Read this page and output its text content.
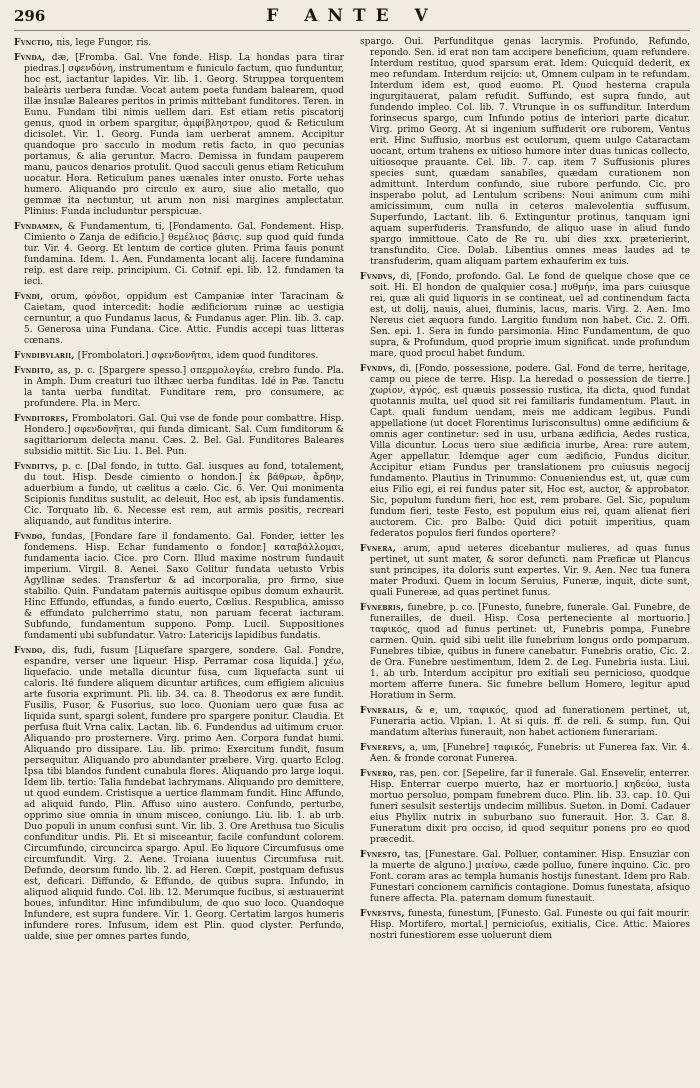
296	F ANTE V

Fvnctio, nis, lege Fungor, ris.

Fvnda, dæ, [Fromba. Gal. Vne fonde. Hisp. La hondas para tirar piedras.] σφενδόνη, instrumentum e funiculo factum, quo funduntur, hoc est, iactantur lapides. Vir. lib. 1. Georg. Struppea torquentem baleàris uerbera fundæ. Vocat autem poeta fundam balearem, quod illæ insulæ Baleares peritos in primis mittebant funditores. Teren. in Eunu. Fundam tibi nimis uellem dari. Est etiam retis piscatorij genus, quod in orbem spargitur, ἀμφίβληστρον, quod & Reticulum dicisolet. Vir. 1. Georg. Funda iam uerberat amnem. Accipitur quandoque pro sacculo in modum retis facto, in quo pecunias portamus, & alia geruntur. Macro. Demissa in fundam pauperem manu, paucos denarios protulit. Quod sacculi genus etiam Reticulum uocatur. Hora. Reticulum panes uænales inter onusto. Forte uehas humero. Aliquando pro circulo ex auro, siue alio metallo, quo gemmæ ita nectuntur, ut arum non nisi margines amplectatur. Plinius: Funda includuntur perspicuæ.

Fvndamen, & Fundamentum, ti, [Fondamento. Gal. Fondement. Hisp. Cimiento o Zanja de edificio.] θεμέλιος βάσις. sup quod quid funda tur. Vir. 4. Georg. Et lentum de cortice gluten. Prima fauis ponunt fundamina. Idem. 1. Aen. Fundamenta locant alij. Iacere fundamina reip. est dare reip. principium. Ci. Cotnif. epi. lib. 12. fundamen ta ieci.

Fvndi, orum, φόνδοι, oppidum est Campaniæ inter Taracinam & Caietam, quod intercedit: hodie ædificiorum ruinæ ac uestigia cernuntur, a quo Fundanus lacus, & Fundanus ager. Plin. lib. 3. cap. 5. Generosa uina Fundana. Cice. Attic. Fundis accepi tuas litteras cœnans.

Fvndibvlarii, [Frombolatori.] σφενδονῆται, idem quod funditores.

Fvndito, as, p. c. [Spargere spesso.] σπερμολογέω, crebro fundo. Pla. in Amph. Dum creaturi tuo ilthæc uerba funditas. Idé in Pæ. Tanctu la tanta uerba funditat. Funditare rem, pro consumere, ac profundere. Pla. in Merc.

Fvnditores, Frombolatori. Gal. Qui vse de fonde pour combattre. Hisp. Hondero.] σφενδονῆται, qui funda dimicant. Sal. Cum funditorum & sagittariorum delecta manu. Cæs. 2. Bel. Gal. Funditores Baleares subsidio mittit. Sic Liu. 1. Bel. Pun.

Fvnditvs, p. c. [Dal fondo, in tutto. Gal. iusques au fond, totalement, du tout. Hisp. Desde cimiento o hondon.] ἐκ βάθρων, ἄρδην, aduerbium a fundo, ut cælitus a cælo. Cic. 6. Ver. Qui monimenta Scipionis funditus sustulit, ac deleuit, Hoc est, ab ipsis fundamentis. Cic. Torquato lib. 6. Necesse est rem, aut armis positis, recreari aliquando, aut funditus interire.

Fvndo, fundas, [Fondare fare il fondamento. Gal. Fonder, ietter les fondemens. Hisp. Echar fundamento o fondor.] καταβάλλομαι, fundamenta iacio. Cice. pro Corn. Illud maxime nostrum fundauit imperium. Virgil. 8. Aenei. Saxo Colitur fundata uetusto Vrbis Agyllinæ sedes. Transfertur & ad incorporalia, pro firmo, siue stabilio. Quin. Fundatam paternis auitisque opibus domum exhaurit. Hinc Effundo, effundas, a fundo euerto, Cœlius. Respublica, amisso & effundato pulcherrimo statu, non paruam fecerat iacturam. Subfundo, fundamentum suppono. Pomp. Lucil. Suppositiones fundamenti ubi subfundatur. Vatro: Latericijs lapidibus fundatis.

Fvndo, dis, fudi, fusum [Liquefare spargere, sondere. Gal. Fondre, espandre, verser une liqueur. Hisp. Perramar cosa liquida.] χέω, liquefacio. unde metalla dicuntur fusa, cum liquefacta sunt ui caloris. Ité fundere aliquem dicuntur artifices, cum effigiem alicuius arte fusoria exprimunt. Pli. lib. 34. ca. 8. Theodorus ex ære fundit. Fusilis, Fusor, & Fusorius, suo loco. Quoniam uero quæ fusa ac liquida sunt, spargi solent, fundere pro spargere ponitur. Claudia. Et perfusa fluit Vrna calix. Lactan. lib. 6. Fundendus ad uitimum cruor. Aliquando pro prosternere. Virg. primo Aen. Corpora fundat humi. Aliquando pro dissipare. Liu. lib. primo: Exercitum fundit, fusum persequitur. Aliquando pro abundanter præbere. Virg. quarto Eclog. Ipsa tibi blandos fundent cunabula flores. Aliquando pro large loqui. Idem lib. tertio: Talia fundebat lachrymans. Aliquando pro demittere, ut quod eundem. Cristisque a uertice flammam fundit. Hinc Affundo, ad aliquid fundo, Plin. Affuso uino austero. Confundo, perturbo, opprimo siue omnia in unum misceo, coniungo. Liu. lib. 1. ab urb. Duo populi in unum confusi sunt. Vir. lib. 3. Ore Arethusa tuo Siculis confunditur undis. Pli. Et si misceantur, facile confundunt colorem. Circumfundo, circuncirca spargo. Apul. Eo liquore Circumfusus ome circumfundit. Virg. 2. Aene. Troiana iuuentus Circumfusa ruit. Defundo, deorsum fundo. lib. 2. ad Heren. Cœpit, postquam defusus est, deficari. Diffundo, & Effundo, de quibus supra. Infundo, in aliquod aliquid fundo. Col. lib. 12. Merumque fucibus, si æstuauerint boues, infunditur. Hinc infundibulum, de quo suo loco. Quandoque Infundere, est supra fundere. Vir. 1. Georg. Certatim largos humeris infundere rores. Infusum, idem est Plin. quod clyster. Perfundo, ualde, siue per omnes partes fundo,

spargo. Oui. Perfunditque genas lacrymis. Profundo, Refundo, repondo. Sen. id erat non tam accipere beneficium, quam refundere. Interdum restituo, quod sparsum erat. Idem: Quicquid dederit, ex meo refundam. Interdum reijcio: ut, Omnem culpam in te refundam. Interdum idem est, quod euomo. Pl. Quod hesterna crapula ingurgitauerat, palam refudit. Suffundo, est supra fundo, aut fundendo impleo. Col. lib. 7. Vtrunque in os suffunditur. Interdum forinsecus spargo, cum Infundo potius de interiori parte dicatur. Virg. primo Georg. At si ingenium suffuderit ore ruborem, Ventus erit. Hinc Suffusio, morbus est oculorum, quem uulgo Cataractam uocant, ortum trahens ex uitioso humore inter duas tunicas collecto, uitiosoque prauante. Cel. lib. 7. cap. item 7 Suffusionis plures species sunt, quædam sanabiles, quædam curationem non admittunt. Interdum confundo, siue rubore perfundo. Cic. pro insperabo polut, ad Lentulum scribens: Noui animum cum mihi amicissimum, cum nulla in ceteros malevolentia suffusum. Superfundo, Lactant. lib. 6. Extinguntur protinus, tanquam igni aquam superfuderis. Transfundo, de aliquo uase in aliud fundo spargo immittoue. Cato de Re ru. ubi dies xxx. præterierint, transfundito. Cice. Dolab. Libentius omnes meas laudes ad te transfuderim, quam aliquam partem exhauferim ex tuis.

Fvndvs, di, [Fondo, profondo. Gal. Le fond de quelque chose que ce soit. Hi. El hondon de qualquier cosa.] πυθμήν, ima pars cuiusque rei, quæ ali quid liquoris in se contineat, uel ad continendum facta est, ut dolij, nauis, aluei, fluminis, lacus, maris. Virg. 2. Aen. Imo Nereus ciet æquora fundo. Largitio fundum non habet. Cic. 2. Offi. Sen. epi. 1. Sera in fundo parsimonia. Hinc Fundamentum, de quo supra, & Profundum, quod proprie imum significat. unde profundum mare, quod procul habet fundum.

Fvndvs, di, [Fondo, possessione, podere. Gal. Fond de terre, heritage, camp ou piece de terre. Hisp. La heredad o possession de tierre.] χωρίον, ἀγρός, est quæuis possessio rustica, ita dicta, quod fundat quotannis multa, uel quod sit rei familiaris fundamentum. Plaut. in Capt. quali fundum uendam, meis me addicam legibus. Fundi appellatione (ut docet Florentinus Iurisconsultus) omne ædificium & omnis ager continetur: sed in usu, urbana ædificia, Aedes rustica, Villa dicuntur. Locus uero siue ædificia inurbe, Area: rure autem, Ager appellatur. Idemque ager cum ædificio, Fundus dicitur. Accipitur etiam Fundus per translationem pro cuiusuis negocij fundamento. Plautius in Trinummo: Conueniendus est, ut, quæ cum eius Filio egi, ei rei fundus pater sit, Hoc est, auctor, & approbator. Sic, populum fundum fieri, hoc est, rem probare. Gel. Sic, populum fundum fieri, teste Festo, est populum eius rei, quam alienat fieri auctorem. Cic. pro Balbo: Quid dici potuit imperitius, quam federatos populos fieri fundos oportere?

Fvnera, arum, apud ueteres dicebantur mulieres, ad quas funus pertinet, ut sunt mater, & soror defuncti. nam Præficæ ut Plancus sunt principes, ita doloris sunt expertes. Vir. 9. Aen. Nec tua funera mater Produxi. Quem in locum Seruius, Funeræ, inquit, dicte sunt, quali Funereæ, ad quas pertinet funus.

Fvnebris, funebre, p. co. [Funesto, funebre, funerale. Gal. Funebre, de funerailles, de dueil. Hisp. Cosa perteneciente al mortuorio.] ταφικός, quod ad funus pertinet: ut, Funebris pompa, Funebre carmen. Quin. quid sibi uelit ille funebrium longus ordo pomparum. Funebres tibiæ, quibus in funere canebatur. Funebris oratio, Cic. 2. de Ora. Funebre uestimentum, Idem 2. de Leg. Funebria iusta. Liui. 1. ab urb. Interdum accipitur pro exitiali seu pernicioso, quodque mortem afferre funera. Sic funebre bellum Homero, legitur apud Horatium in Serm.

Fvneralis, & e, um, ταφικός, quod ad funerationem pertinet, ut, Funeraria actio. Vlpian. 1. At si quis. ff. de reli. & sump. fun. Qui mandatum alterius funerauit, non habet actionem funerariam.

Fvnerevs, a, um, [Funebre] ταφικός, Funebris: ut Funerea fax. Vir. 4. Aen. & fronde coronat Funerea.

Fvnero, ras, pen. cor. [Sepelire, far il funerale. Gal. Ensevelir, enterrer. Hisp. Enterrar cuerpo muerto, haz er mortuorio.] κηδεύω, iusta mortuo persoluo, pompam funebrem duco. Plin. lib. 33. cap. 10. Qui funeri sesulsit sestertijs undecim millibus. Sueton. in Domi. Cadauer eius Phyllix nutrix in suburbano suo funerauit. Hor. 3. Car. 8. Funeratum dixit pro occiso, id quod sequitur ponens pro eo quod præcedit.

Fvnesto, tas, [Funestare. Gal. Polluer, contaminer. Hisp. Ensuziar con la muerte de alguno.] μιαίνω, cæde polluo, funere inquino. Cic. pro Font. coram aras ac templa humanis hostijs funestant. Idem pro Rab. Funestari concionem carnificis contagione. Domus funestata, afsiquo funere affecta. Pla. paternam domum funestauit.

Fvnestvs, funesta, funestum, [Funesto. Gal. Funeste ou qui fait mourir. Hisp. Mortifero, mortal.] pernicioſus, exitialis, Cice. Attic. Maiores nostri funestiorem esse uoluerunt diem
